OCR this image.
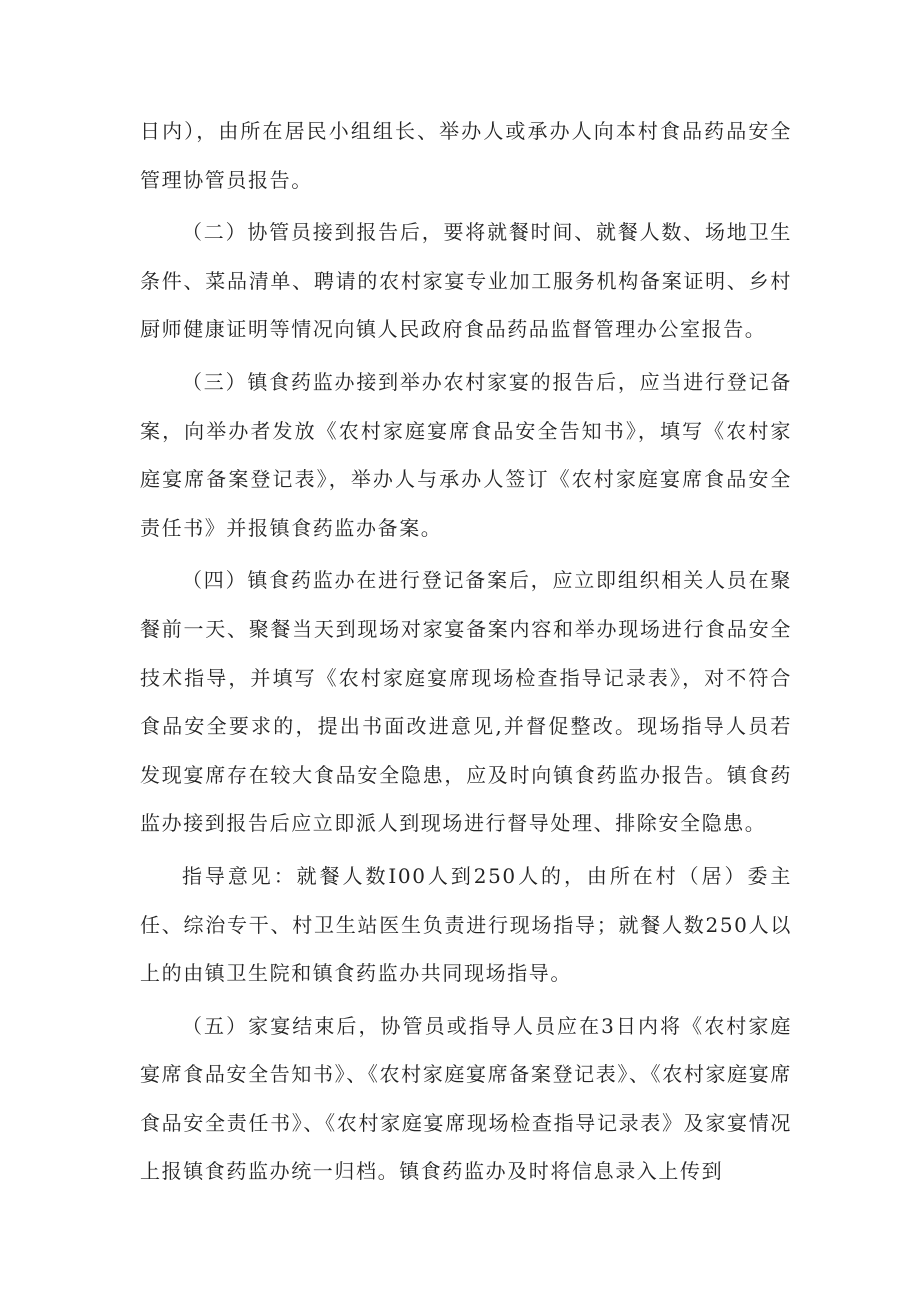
日内），由所在居民小组组长、举办人或承办人向本村食品药品安全管理协管员报告。

（二）协管员接到报告后，要将就餐时间、就餐人数、场地卫生条件、菜品清单、聘请的农村家宴专业加工服务机构备案证明、乡村厨师健康证明等情况向镇人民政府食品药品监督管理办公室报告。

（三）镇食药监办接到举办农村家宴的报告后，应当进行登记备案，向举办者发放《农村家庭宴席食品安全告知书》，填写《农村家庭宴席备案登记表》，举办人与承办人签订《农村家庭宴席食品安全责任书》并报镇食药监办备案。

（四）镇食药监办在进行登记备案后，应立即组织相关人员在聚餐前一天、聚餐当天到现场对家宴备案内容和举办现场进行食品安全技术指导，并填写《农村家庭宴席现场检查指导记录表》，对不符合食品安全要求的，提出书面改进意见,并督促整改。现场指导人员若发现宴席存在较大食品安全隐患，应及时向镇食药监办报告。镇食药监办接到报告后应立即派人到现场进行督导处理、排除安全隐患。

指导意见：就餐人数I00人到250人的，由所在村（居）委主任、综治专干、村卫生站医生负责进行现场指导；就餐人数250人以上的由镇卫生院和镇食药监办共同现场指导。

（五）家宴结束后，协管员或指导人员应在3日内将《农村家庭宴席食品安全告知书》、《农村家庭宴席备案登记表》、《农村家庭宴席食品安全责任书》、《农村家庭宴席现场检查指导记录表》及家宴情况上报镇食药监办统一归档。镇食药监办及时将信息录入上传到
